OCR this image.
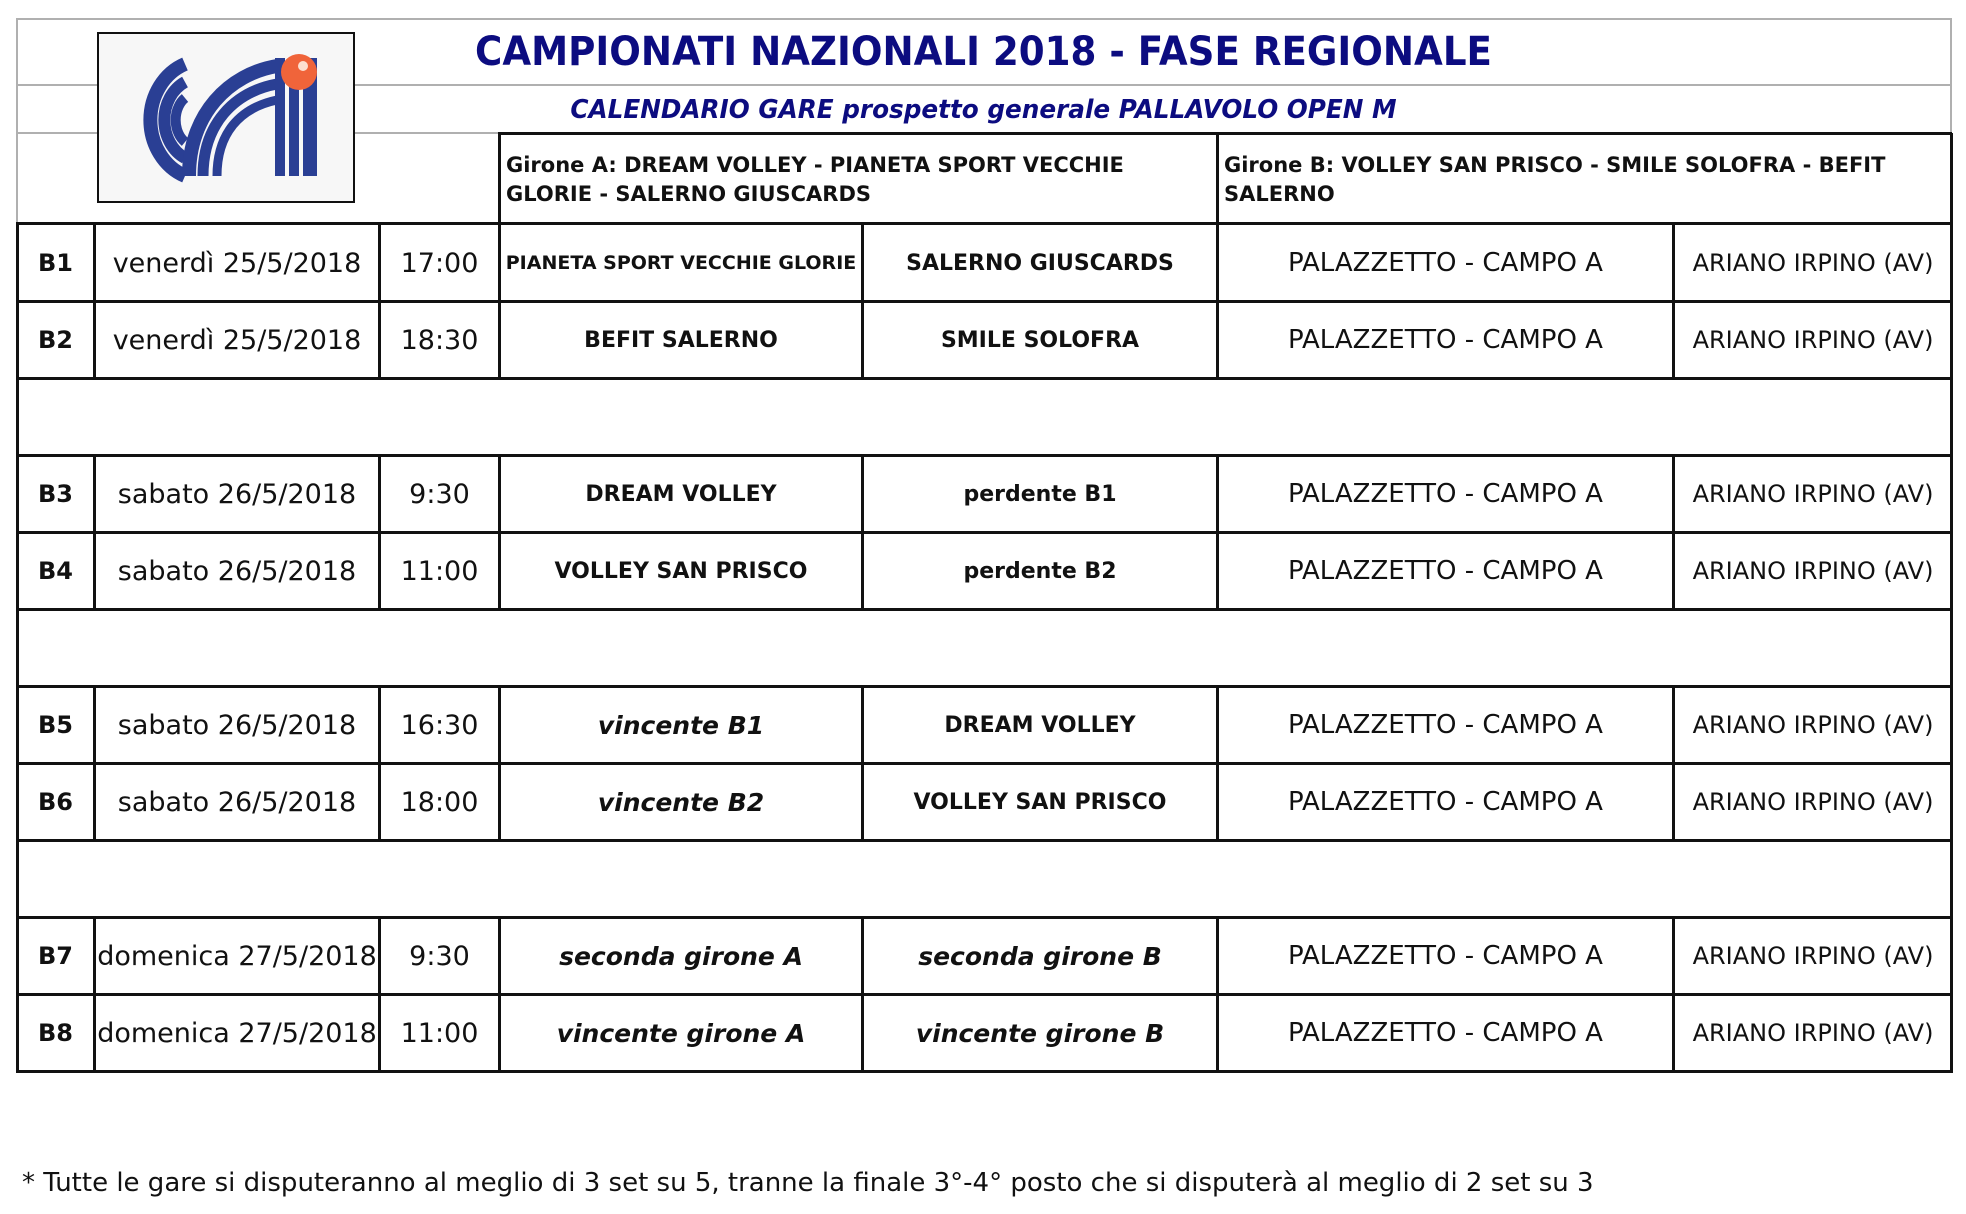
CAMPIONATI NAZIONALI 2018 - FASE REGIONALE
CALENDARIO GARE prospetto generale PALLAVOLO OPEN M
Girone A: DREAM VOLLEY - PIANETA SPORT VECCHIE GLORIE - SALERNO GIUSCARDS
Girone B: VOLLEY SAN PRISCO - SMILE SOLOFRA - BEFIT SALERNO
B1	venerdì 25/5/2018	17:00	PIANETA SPORT VECCHIE GLORIE	SALERNO GIUSCARDS	PALAZZETTO - CAMPO A	ARIANO IRPINO (AV)
B2	venerdì 25/5/2018	18:30	BEFIT SALERNO	SMILE SOLOFRA	PALAZZETTO - CAMPO A	ARIANO IRPINO (AV)
B3	sabato 26/5/2018	9:30	DREAM VOLLEY	perdente B1	PALAZZETTO - CAMPO A	ARIANO IRPINO (AV)
B4	sabato 26/5/2018	11:00	VOLLEY SAN PRISCO	perdente B2	PALAZZETTO - CAMPO A	ARIANO IRPINO (AV)
B5	sabato 26/5/2018	16:30	vincente B1	DREAM VOLLEY	PALAZZETTO - CAMPO A	ARIANO IRPINO (AV)
B6	sabato 26/5/2018	18:00	vincente B2	VOLLEY SAN PRISCO	PALAZZETTO - CAMPO A	ARIANO IRPINO (AV)
B7 domenica 27/5/2018	9:30	seconda girone A	seconda girone B	PALAZZETTO - CAMPO A	ARIANO IRPINO (AV)
B8 domenica 27/5/2018 11:00	vincente girone A	vincente girone B	PALAZZETTO - CAMPO A	ARIANO IRPINO (AV)
* Tutte le gare si disputeranno al meglio di 3 set su 5, tranne la finale 3°-4° posto che si disputerà al meglio di 2 set su 3
